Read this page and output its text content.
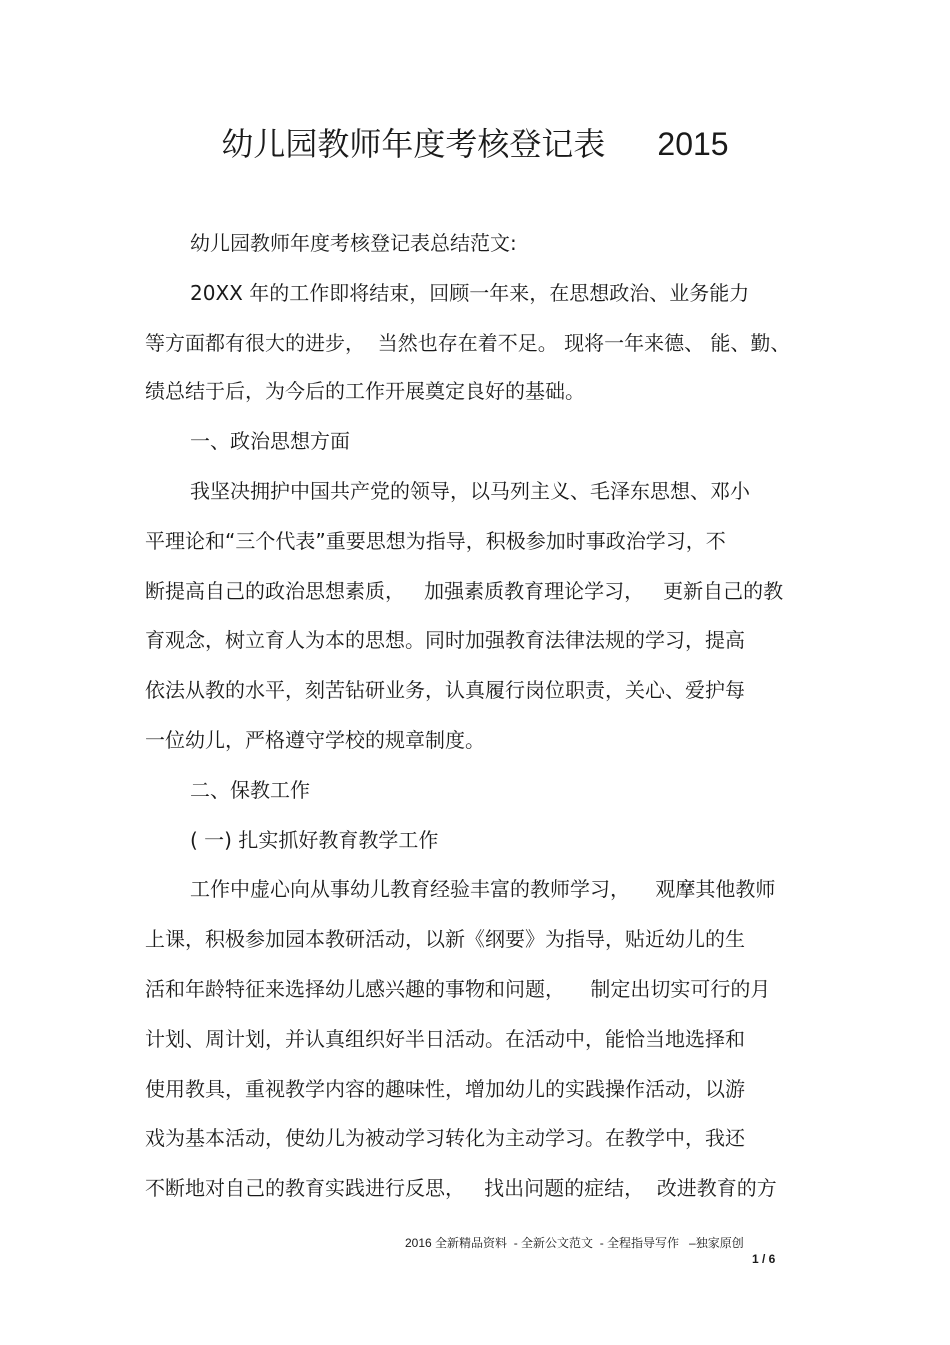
幼儿园教师年度考核登记表 2015
幼儿园教师年度考核登记表总结范文:
20XX 年的工作即将结束，回顾一年来，在思想政治、业务能力
等方面都有很大的进步，  当然也存在着不足。 现将一年来德、 能、勤、
绩总结于后，为今后的工作开展奠定良好的基础。
一、政治思想方面
我坚决拥护中国共产党的领导，以马列主义、毛泽东思想、邓小
平理论和“三个代表”重要思想为指导，积极参加时事政治学习，不
断提高自己的政治思想素质，   加强素质教育理论学习，   更新自己的教
育观念，树立育人为本的思想。同时加强教育法律法规的学习，提高
依法从教的水平，刻苦钻研业务，认真履行岗位职责，关心、爱护每
一位幼儿，严格遵守学校的规章制度。
二、保教工作
( 一) 扎实抓好教育教学工作
工作中虚心向从事幼儿教育经验丰富的教师学习，    观摩其他教师
上课，积极参加园本教研活动，以新《纲要》为指导，贴近幼儿的生
活和年龄特征来选择幼儿感兴趣的事物和问题，    制定出切实可行的月
计划、周计划，并认真组织好半日活动。在活动中，能恰当地选择和
使用教具，重视教学内容的趣味性，增加幼儿的实践操作活动，以游
戏为基本活动，使幼儿为被动学习转化为主动学习。在教学中，我还
不断地对自己的教育实践进行反思，   找出问题的症结，  改进教育的方
2016 全新精品资料  - 全新公文范文  - 全程指导写作   –独家原创
1 / 6
